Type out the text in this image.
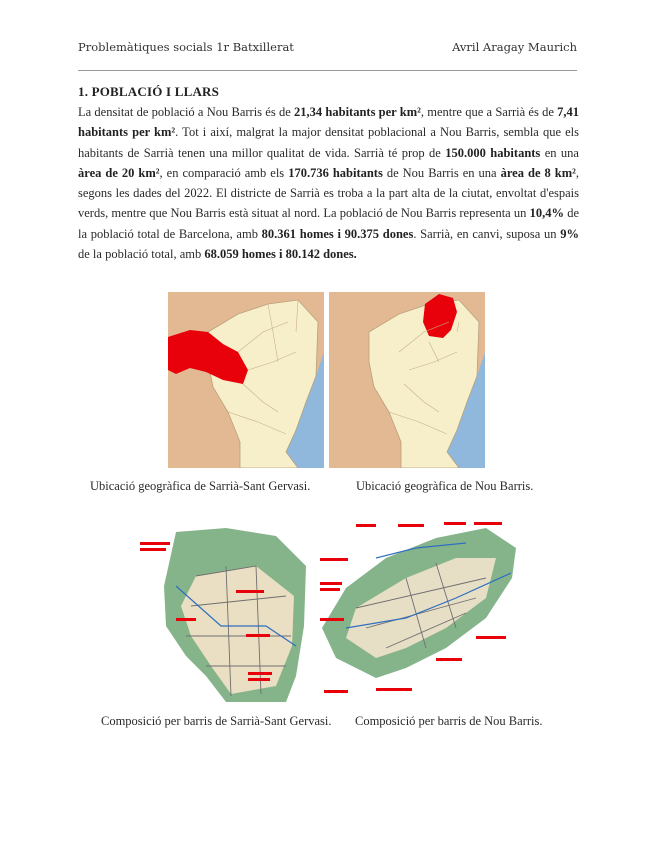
Problemàtiques socials 1r Batxillerat	Avril Aragay Maurich
1. POBLACIÓ I LLARS
La densitat de població a Nou Barris és de 21,34 habitants per km², mentre que a Sarrià és de 7,41 habitants per km². Tot i així, malgrat la major densitat poblacional a Nou Barris, sembla que els habitants de Sarrià tenen una millor qualitat de vida. Sarrià té prop de 150.000 habitants en una àrea de 20 km², en comparació amb els 170.736 habitants de Nou Barris en una àrea de 8 km², segons les dades del 2022. El districte de Sarrià es troba a la part alta de la ciutat, envoltat d'espais verds, mentre que Nou Barris està situat al nord. La població de Nou Barris representa un 10,4% de la població total de Barcelona, amb 80.361 homes i 90.375 dones. Sarrià, en canvi, suposa un 9% de la població total, amb 68.059 homes i 80.142 dones.
Ubicació geogràfica de Sarrià-Sant Gervasi.	Ubicació geogràfica de Nou Barris.
Composició per barris de Sarrià-Sant Gervasi. Composició per barris de Nou Barris.
